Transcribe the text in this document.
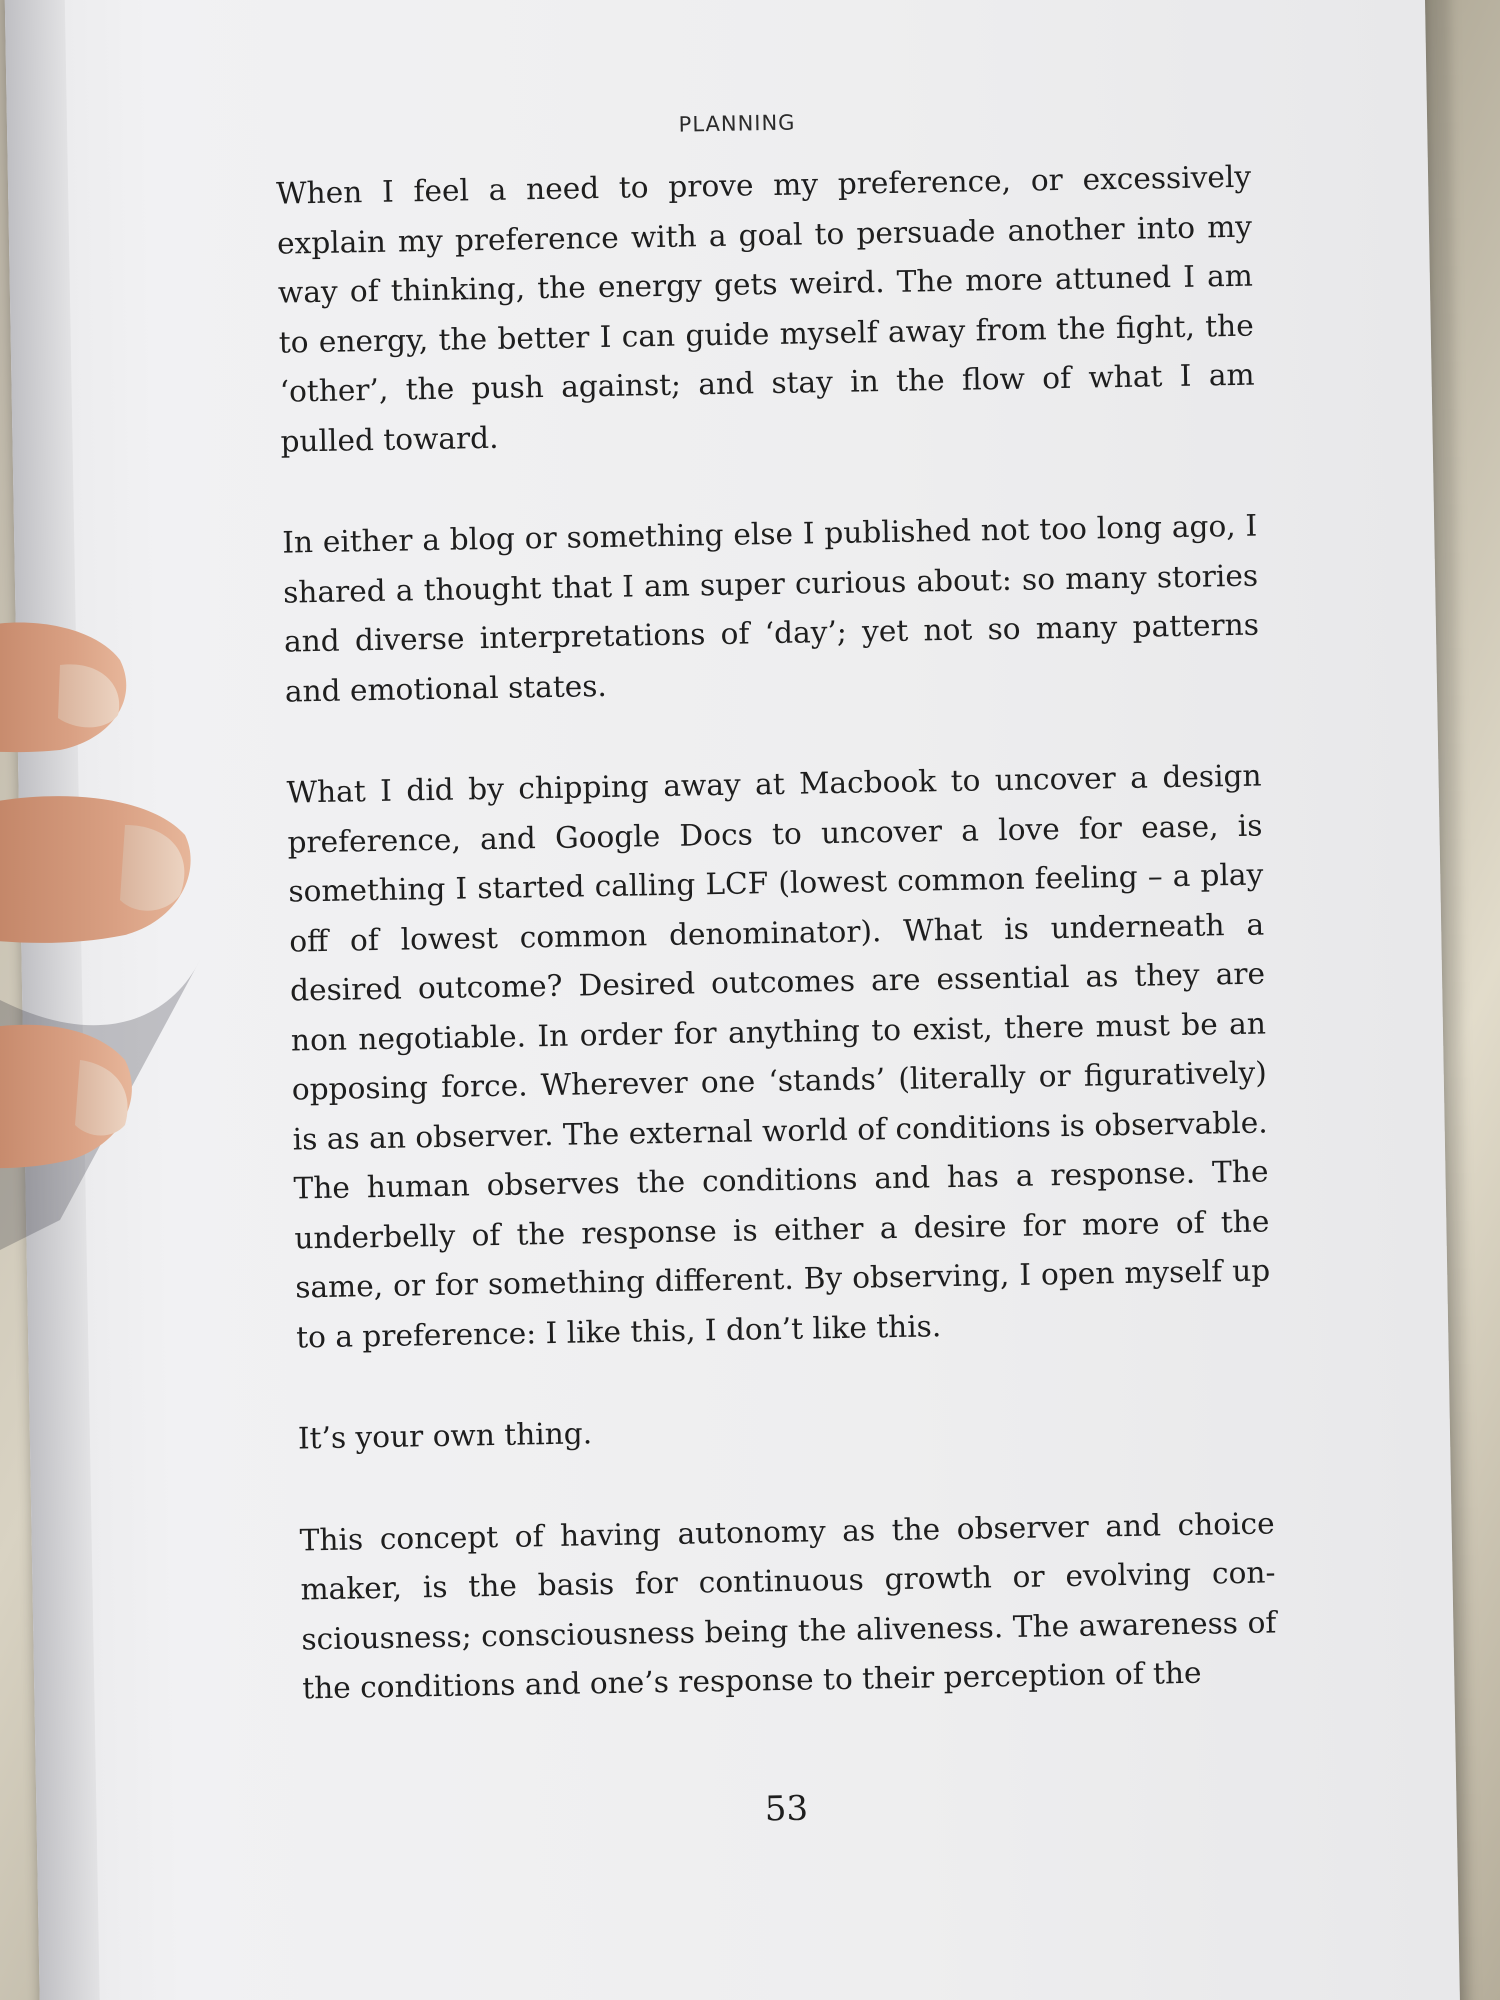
PLANNING

When I feel a need to prove my preference, or excessively explain my preference with a goal to persuade another into my way of thinking, the energy gets weird. The more attuned I am to energy, the better I can guide myself away from the fight, the ‘other’, the push against; and stay in the flow of what I am pulled toward.

In either a blog or something else I published not too long ago, I shared a thought that I am super curious about: so many stories and diverse interpretations of ‘day’; yet not so many patterns and emotional states.

What I did by chipping away at Macbook to uncover a design preference, and Google Docs to uncover a love for ease, is something I started calling LCF (lowest common feeling – a play off of lowest common denominator). What is underneath a desired outcome? Desired outcomes are essential as they are non negotiable. In order for anything to exist, there must be an opposing force. Wherever one ‘stands’ (literally or figuratively) is as an observer. The external world of conditions is observable. The human observes the conditions and has a response. The underbelly of the response is either a desire for more of the same, or for something different. By observing, I open myself up to a preference: I like this, I don’t like this.

It’s your own thing.

This concept of having autonomy as the observer and choice maker, is the basis for continuous growth or evolving consciousness; consciousness being the aliveness. The awareness of the conditions and one’s response to their perception of the

53
